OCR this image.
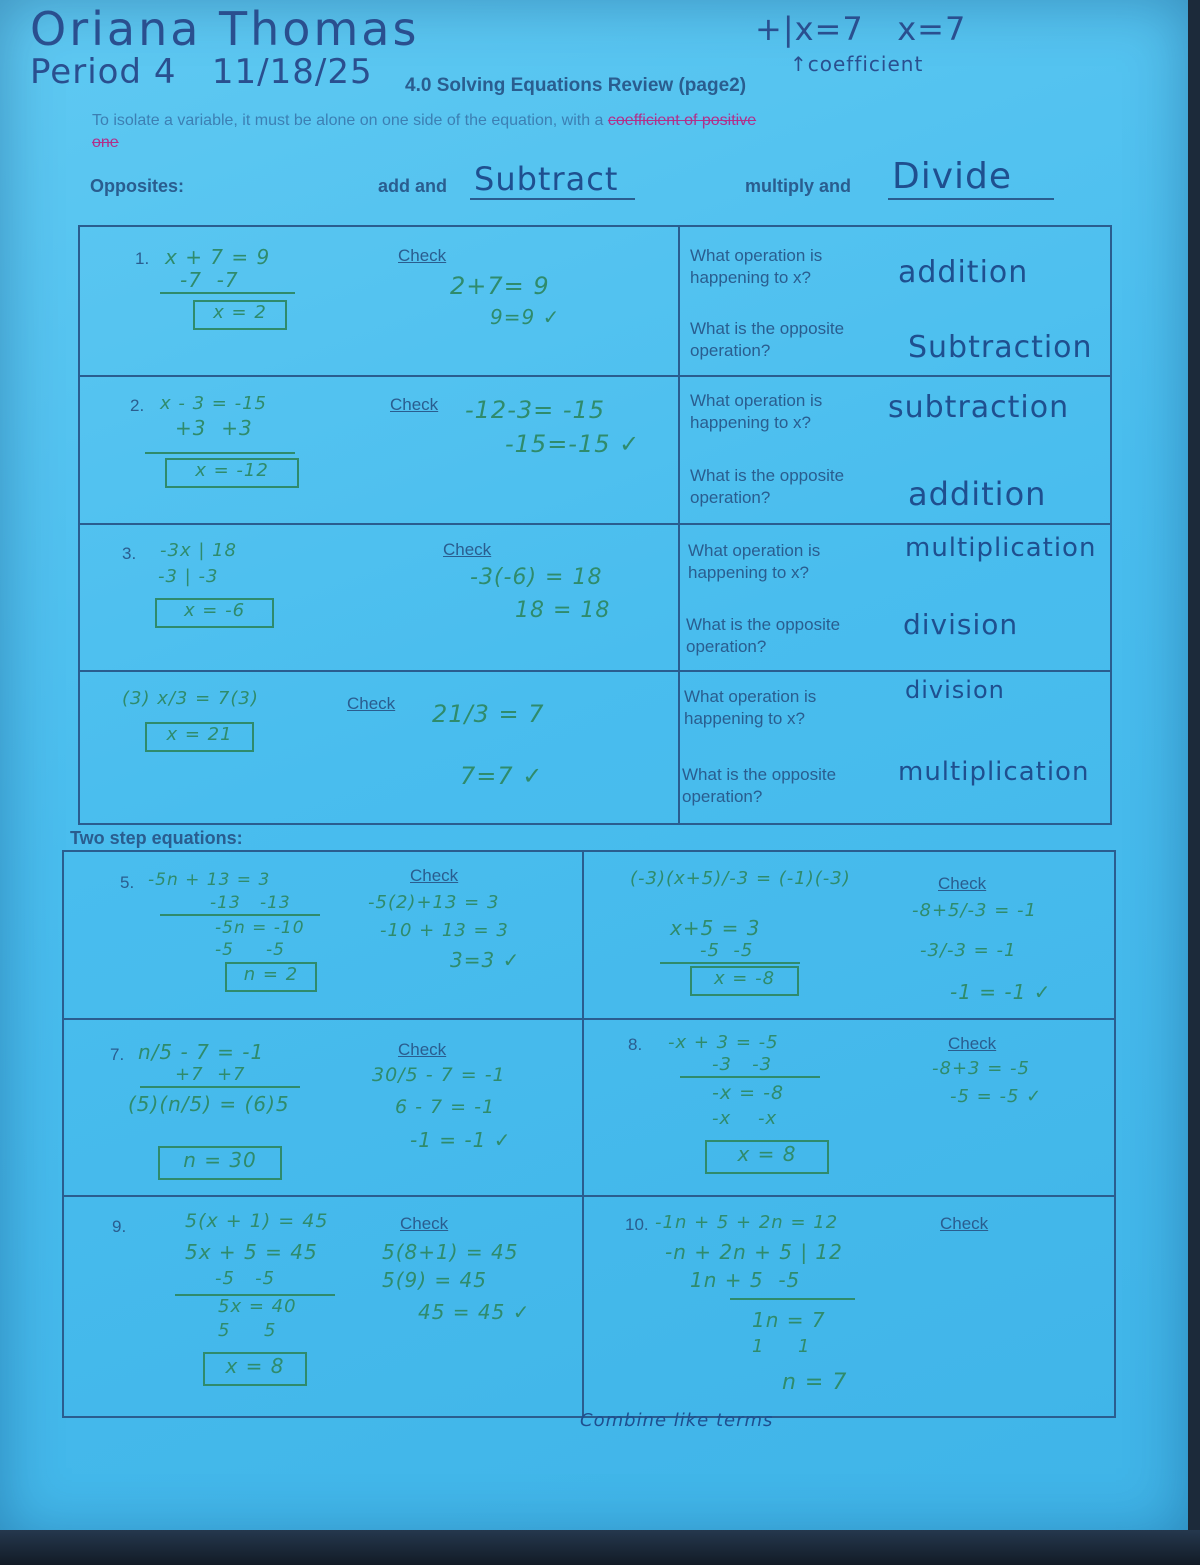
Oriana Thomas
Period 4   11/18/25
+|x=7   x=7
↑coefficient
4.0 Solving Equations Review (page2)
To isolate a variable, it must be alone on one side of the equation, with a coefficient of positive
one
Opposites:	add and Subtract	multiply and Divide
1. x + 7 = 9
-7  -7
x = 2
Check
2+7= 9
9=9 ✓
What operation is happening to x?	addition
What is the opposite operation?	Subtraction
2. x - 3 = -15
+3  +3
x = -12
Check -12-3= -15
-15=-15 ✓
What operation is happening to x?	subtraction
What is the opposite operation?	addition
3. -3x | 18
-3 | -3
x = -6
Check
-3(-6) = 18
18 = 18
What operation is happening to x?
multiplication
What is the opposite operation?
division
(3) x/3 = 7(3)
x = 21
Check 21/3 = 7
7=7 ✓
What operation is happening to x?
division
What is the opposite operation?
multiplication
Two step equations:
5. -5n + 13 = 3
-13   -13
-5n = -10
-5     -5
n = 2
Check
-5(2)+13 = 3
-10 + 13 = 3
3=3 ✓
(-3)(x+5)/-3 = (-1)(-3)
x+5 = 3
-5  -5
x = -8
Check
-8+5/-3 = -1
-3/-3 = -1
-1 = -1 ✓
7. n/5 - 7 = -1
+7  +7
(5)(n/5) = (6)5
n = 30
Check
30/5 - 7 = -1
6 - 7 = -1
-1 = -1 ✓
8. -x + 3 = -5
-3   -3
-x = -8
-x    -x
x = 8
Check
-8+3 = -5
-5 = -5 ✓
9.	5(x + 1) = 45
5x + 5 = 45
-5   -5
5x = 40
5     5
x = 8
Check
5(8+1) = 45
5(9) = 45
45 = 45 ✓
10. -1n + 5 + 2n = 12
-n + 2n + 5 | 12
1n + 5  -5
1n = 7
1     1
n = 7
Check
Combine like terms
